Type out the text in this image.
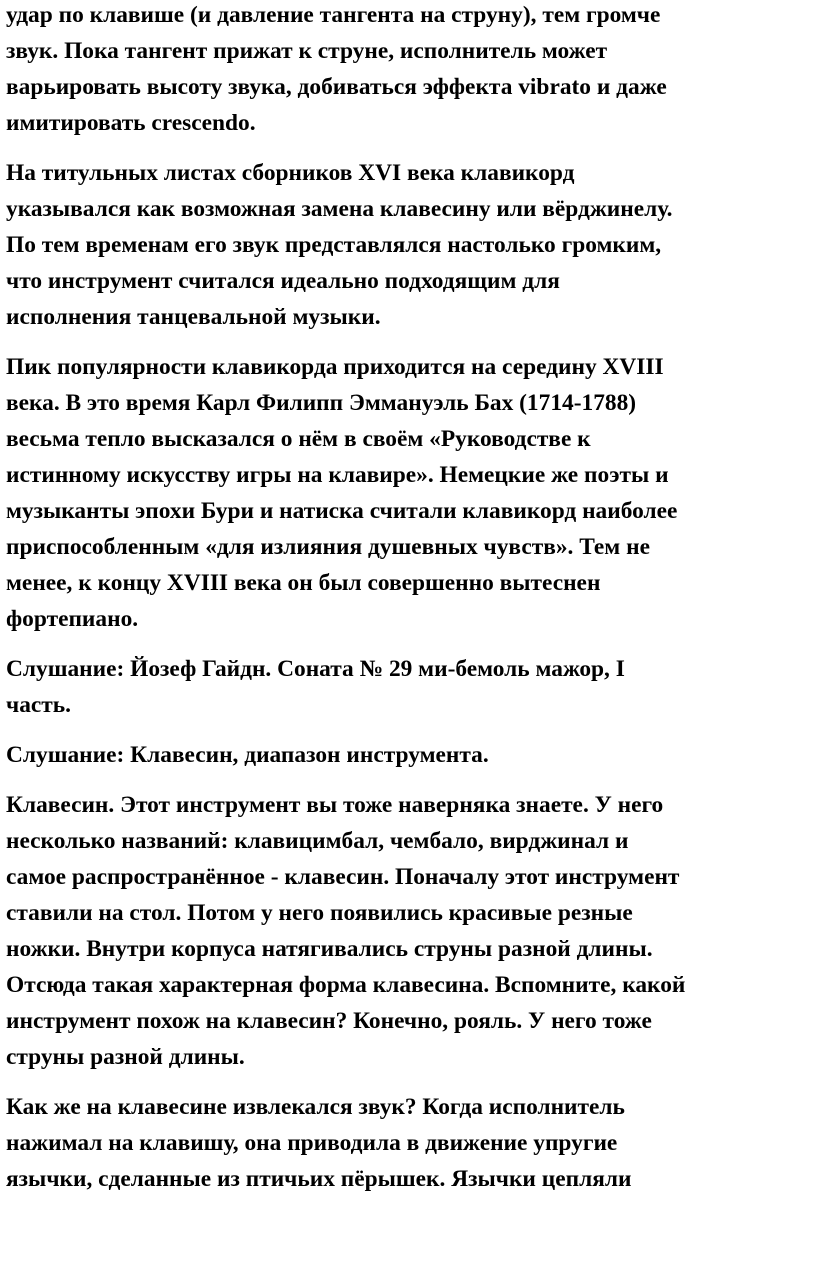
удар по клавише (и давление тангента на струну), тем громче
звук. Пока тангент прижат к струне, исполнитель может
варьировать высоту звука, добиваться эффекта vibrato и даже
имитировать crescendo.
На титульных листах сборников XVI века клавикорд
указывался как возможная замена клавесину или вёрджинелу.
По тем временам его звук представлялся настолько громким,
что инструмент считался идеально подходящим для
исполнения танцевальной музыки.
Пик популярности клавикорда приходится на середину XVIII
века. В это время Карл Филипп Эммануэль Бах (1714-1788)
весьма тепло высказался о нём в своём «Руководстве к
истинному искусству игры на клавире». Немецкие же поэты и
музыканты эпохи Бури и натиска считали клавикорд наиболее
приспособленным «для излияния душевных чувств». Тем не
менее, к концу XVIII века он был совершенно вытеснен
фортепиано.
Слушание: Йозеф Гайдн. Соната № 29 ми-бемоль мажор, I
часть.
Слушание: Клавесин, диапазон инструмента.
Клавесин. Этот инструмент вы тоже наверняка знаете. У него
несколько названий: клавицимбал, чембало, вирджинал и
самое распространённое - клавесин. Поначалу этот инструмент
ставили на стол. Потом у него появились красивые резные
ножки. Внутри корпуса натягивались струны разной длины.
Отсюда такая характерная форма клавесина. Вспомните, какой
инструмент похож на клавесин? Конечно, рояль. У него тоже
струны разной длины.
Как же на клавесине извлекался звук? Когда исполнитель
нажимал на клавишу, она приводила в движение упругие
язычки, сделанные из птичьих пёрышек. Язычки цепляли
